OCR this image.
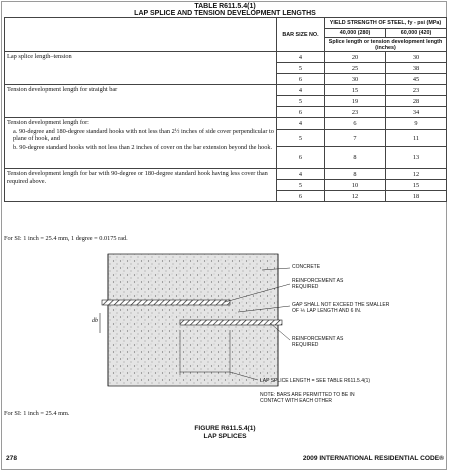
TABLE R611.5.4(1)
LAP SPLICE AND TENSION DEVELOPMENT LENGTHS
	BAR SIZE NO.	YIELD STRENGTH OF STEEL, fy - psi (MPa)	
		40,000 (280)	60,000 (420)
		Splice length or tension development length (inches)	
Lap splice length–tension	4	20	30
	5	25	38
	6	30	45
Tension development length for straight bar	4	15	23
	5	19	28
	6	23	34

Tension development length for:
a. 90-degree and 180-degree standard hooks with not less than 2½ inches of side cover perpendicular to plane of hook, and
b. 90-degree standard hooks with not less than 2 inches of cover on the bar extension beyond the hook.	4	6	9
	5	7	11
	6	8	13
Tension development length for bar with 90-degree or 180-degree standard hook having less cover than required above.	4	8	12
	5	10	15
	6	12	18
For SI: 1 inch = 25.4 mm, 1 degree = 0.0175 rad.
CONCRETE
REINFORCEMENT AS REQUIRED
GAP SHALL NOT EXCEED THE SMALLER OF ⅕ LAP LENGTH AND 6 IN.
REINFORCEMENT AS REQUIRED
db
LAP SPLICE LENGTH = SEE TABLE R611.5.4(1)
NOTE: BARS ARE PERMITTED TO BE IN CONTACT WITH EACH OTHER
For SI: 1 inch = 25.4 mm.
FIGURE R611.5.4(1)
LAP SPLICES
278	2009 INTERNATIONAL RESIDENTIAL CODE®
